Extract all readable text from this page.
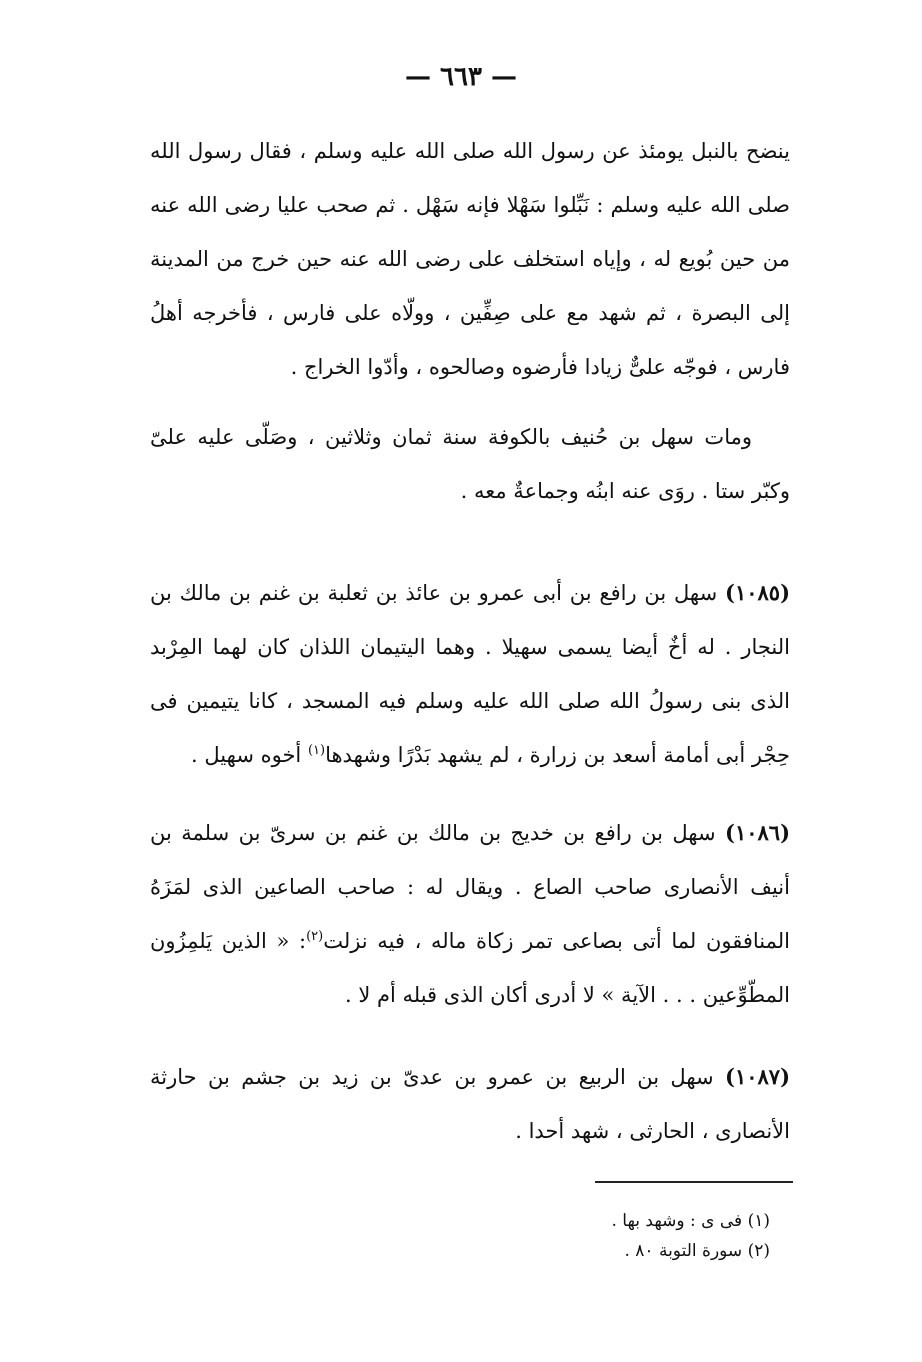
— ٦٦٣ —

ينضح بالنبل يومئذ عن رسول الله صلى الله عليه وسلم ، فقال رسول الله صلى الله عليه وسلم : نَبِّلوا سَهْلا فإنه سَهْل . ثم صحب عليا رضى الله عنه من حين بُويع له ، وإياه استخلف على رضى الله عنه حين خرج من المدينة إلى البصرة ، ثم شهد مع على صِفِّين ، وولّاه على فارس ، فأخرجه أهلُ فارس ، فوجّه علىٌّ زيادا فأرضوه وصالحوه ، وأدّوا الخراج .

ومات سهل بن حُنيف بالكوفة سنة ثمان وثلاثين ، وصَلّى عليه علىّ وكبّر ستا . روَى عنه ابنُه وجماعةٌ معه .

(١٠٨٥) سهل بن رافع بن أبى عمرو بن عائذ بن ثعلبة بن غنم بن مالك بن النجار . له أخٌ أيضا يسمى سهيلا . وهما اليتيمان اللذان كان لهما المِرْبد الذى بنى رسولُ الله صلى الله عليه وسلم فيه المسجد ، كانا يتيمين فى حِجْر أبى أمامة أسعد بن زرارة ، لم يشهد بَدْرًا وشهدها$^{(١)}$ أخوه سهيل .

(١٠٨٦) سهل بن رافع بن خديج بن مالك بن غنم بن سرىّ بن سلمة بن أنيف الأنصارى صاحب الصاع . ويقال له : صاحب الصاعين الذى لمَزَهُ المنافقون لما أتى بصاعى تمر زكاة ماله ، فيه نزلت$^{(٢)}$: « الذين يَلمِزُون المطّوِّعين . . . الآية » لا أدرى أكان الذى قبله أم لا .

(١٠٨٧) سهل بن الربيع بن عمرو بن عدىّ بن زيد بن جشم بن حارثة الأنصارى ، الحارثى ، شهد أحدا .

(١) فى ى : وشهد بها .

(٢) سورة التوبة ٨٠ .
